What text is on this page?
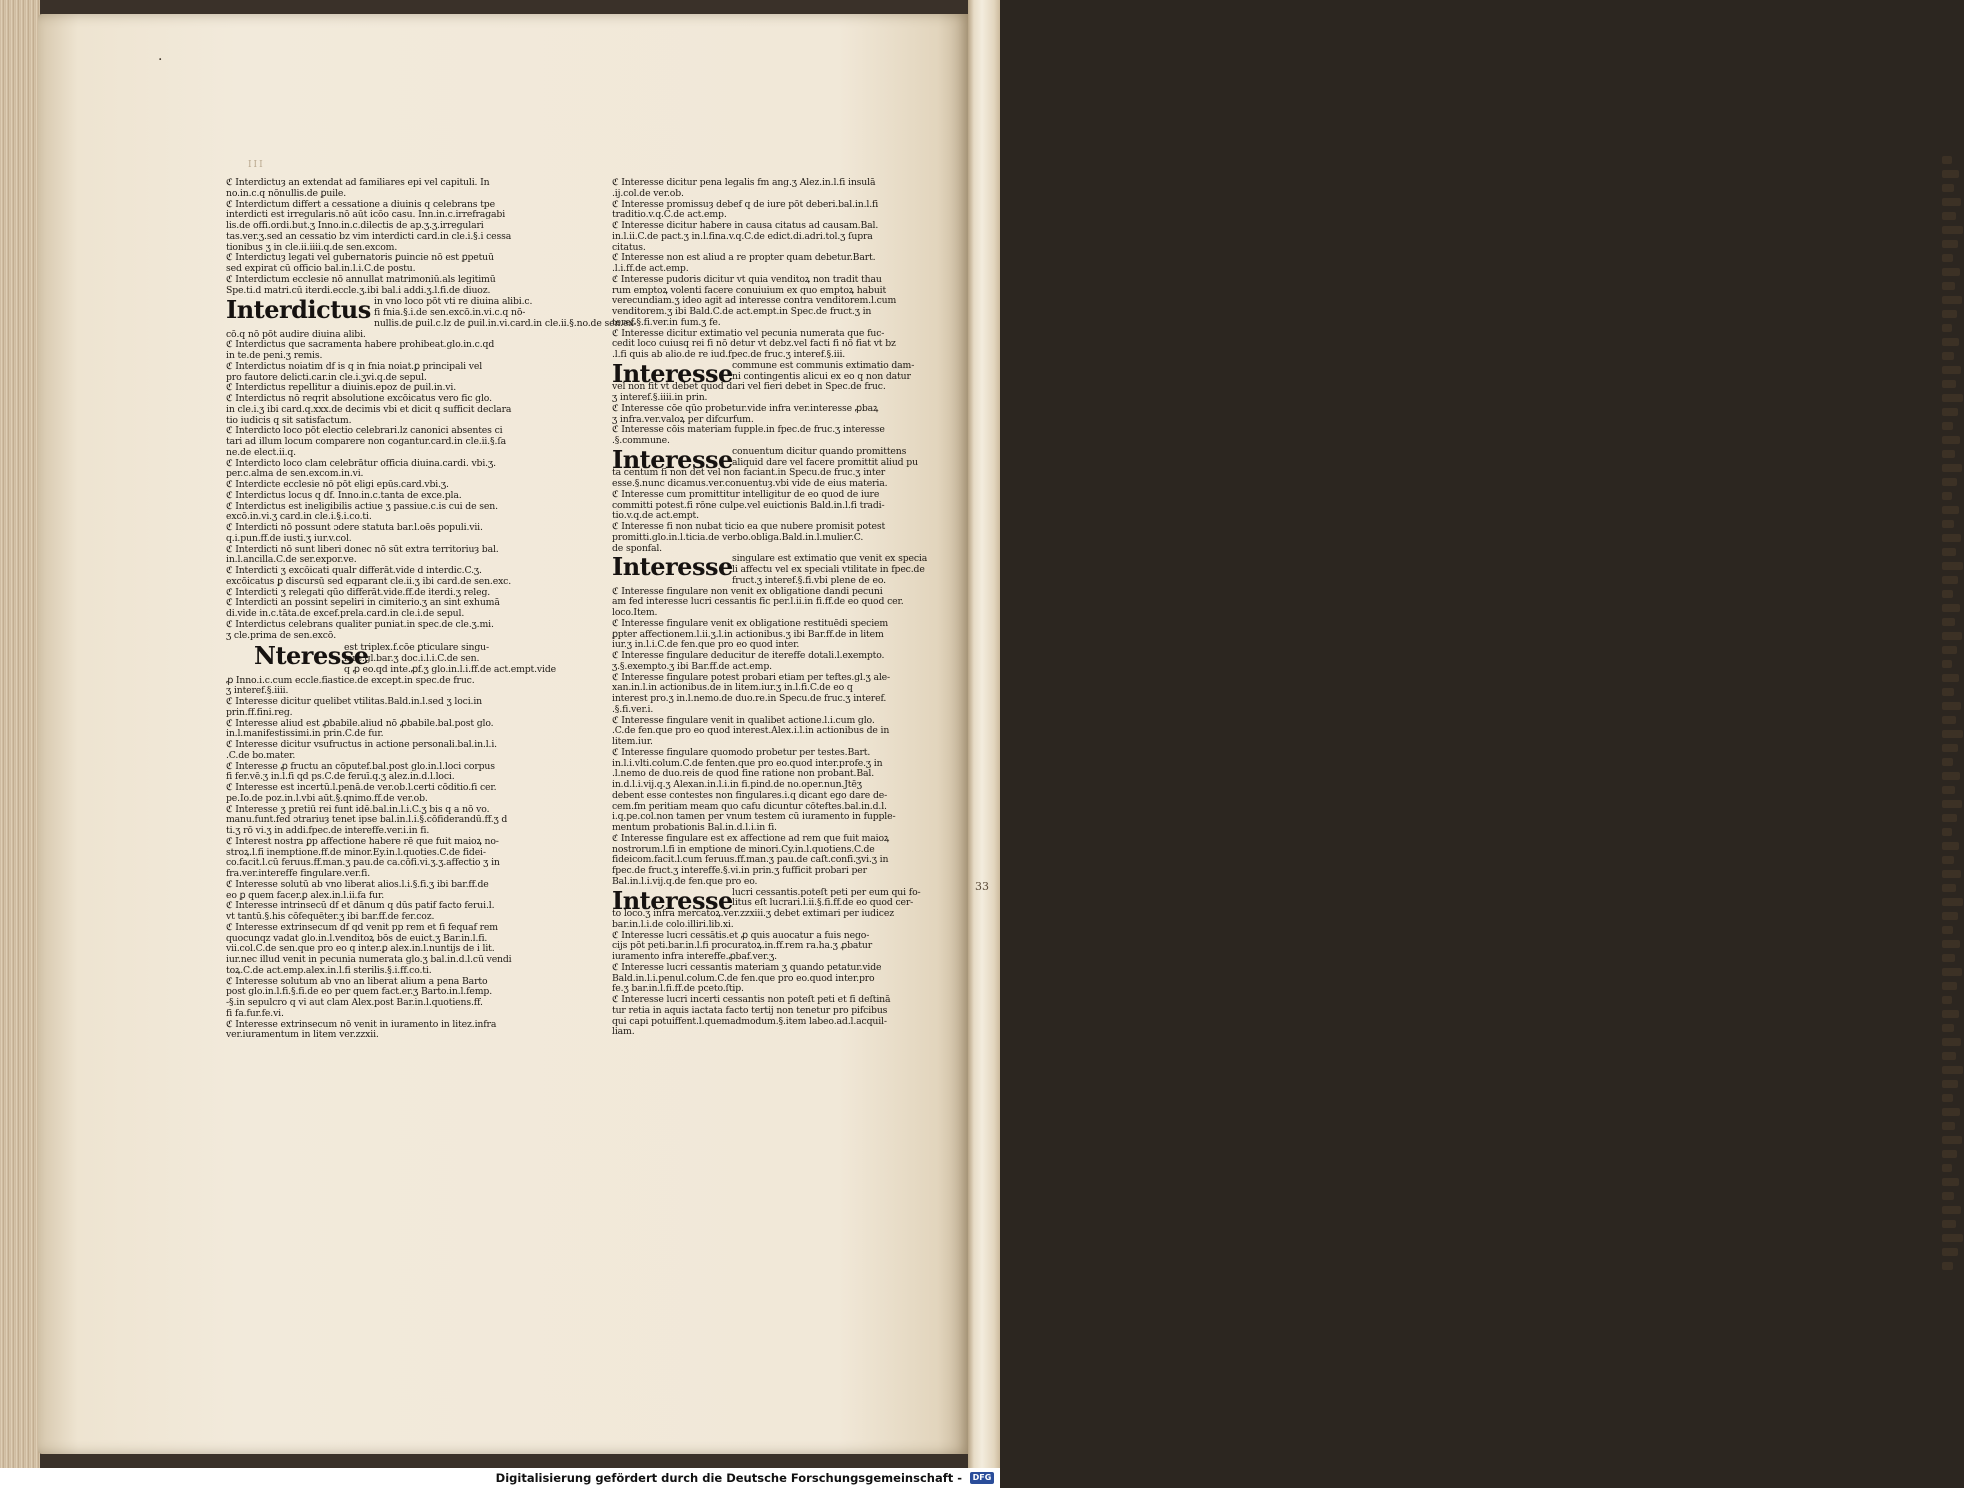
·
III
33
ℭ Interdictuȝ an extendat ad familiares epi vel capituli. In
no.in.c.q nōnullis.de ꝑuile.
ℭ Interdictum differt a cessatione a diuinis q celebrans tpe
interdicti est irregularis.nō aūt icōo casu. Inn.in.c.irrefragabi
lis.de offi.ordi.but.ʒ Inno.in.c.dilectis de ap.ʒ.ʒ.irregulari
tas.ver.ʒ.sed an cessatio bz vim interdicti card.in cle.i.§.i cessa
tionibus ʒ in cle.ii.iiii.q.de sen.excom.
ℭ Interdictuȝ legati vel gubernatoris ꝑuincie nō est ꝑpetuū
sed expirat cū officio bal.in.l.i.C.de postu.
ℭ Interdictum ecclesie nō annullat matrimoniū.als legitimū
Spe.ti.d matri.cū iterdi.eccle.ʒ.ibi bal.i addi.ʒ.l.fi.de diuoz.
Interdictus in vno loco pōt vti re diuina alibi.c.
fi fnia.§.i.de sen.excō.in.vi.c.q nō-
nullis.de ꝑuil.c.lz de ꝑuil.in.vi.card.in cle.ii.§.no.de sen.ex-
cō.q nō pōt audire diuina alibi.
ℭ Interdictus que sacramenta habere prohibeat.glo.in.c.qd
in te.de peni.ʒ remis.
ℭ Interdictus noiatim df is q in fnia noiat.ꝑ principali vel
pro fautore delicti.car.in cle.i.ʒvi.q.de sepul.
ℭ Interdictus repellitur a diuinis.epoz de ꝑuil.in.vi.
ℭ Interdictus nō reqrit absolutione excōicatus vero fic glo.
in cle.i.ʒ ibi card.q.xxx.de decimis vbi et dicit q sufficit declara
tio iudicis q sit satisfactum.
ℭ Interdicto loco pōt electio celebrari.lz canonici absentes ci
tari ad illum locum comparere non cogantur.card.in cle.ii.§.ſa
ne.de elect.ii.q.
ℭ Interdicto loco clam celebrātur officia diuina.cardi. vbi.ʒ.
per.c.alma de sen.excom.in.vi.
ℭ Interdicte ecclesie nō pōt eligi epūs.card.vbi.ʒ.
ℭ Interdictus locus q df. Inno.in.c.tanta de exce.pla.
ℭ Interdictus est ineligibilis actiue ʒ passiue.c.is cui de sen.
excō.in.vi.ʒ card.in cle.i.§.i.co.ti.
ℭ Interdicti nō possunt ɔdere statuta bar.l.oēs populi.vii.
q.i.pun.ff.de iusti.ʒ iur.v.col.
ℭ Interdicti nō sunt liberi donec nō sūt extra territoriuȝ bal.
in.l.ancilla.C.de ser.expor.ve.
ℭ Interdicti ʒ excōicati qualr differāt.vide d interdic.C.ʒ.
excōicatus ꝑ discursū sed eqparant cle.ii.ʒ ibi card.de sen.exc.
ℭ Interdicti ʒ relegati qūo differāt.vide.ff.de iterdi.ʒ releg.
ℭ Interdicti an possint sepeliri in cimiterio.ʒ an sint exhumā
di.vide in.c.tāta.de excef.prela.card.in cle.i.de sepul.
ℭ Interdictus celebrans qualiter puniat.in spec.de cle.ʒ.mi.
ʒ cle.prima de sen.excō.
Nteresse
est triplex.f.cōe ꝑticulare singu-
lare.gl.bar.ʒ doc.i.l.i.C.de sen.
q ꝓ eo.qd inte.ꝓf.ʒ glo.in.l.i.ff.de act.empt.vide
ꝓ Inno.i.c.cum eccle.fiastice.de except.in spec.de fruc.
ʒ interef.§.iiii.
ℭ Interesse dicitur quelibet vtilitas.Bald.in.l.sed ʒ loci.in
prin.ff.fini.reg.
ℭ Interesse aliud est ꝓbabile.aliud nō ꝓbabile.bal.post glo.
in.l.manifestissimi.in prin.C.de fur.
ℭ Interesse dicitur vsufructus in actione personali.bal.in.l.i.
.C.de bo.mater.
ℭ Interesse ꝓ fructu an cōputef.bal.post glo.in.l.loci corpus
fi fer.vē.ʒ in.l.fi qd ps.C.de feruī.q.ʒ alez.in.d.l.loci.
ℭ Interesse est incertū.l.penā.de ver.ob.l.certi cōditio.fi cer.
pe.Io.de poz.in.l.vbi aūt.§.qnimo.ff.de ver.ob.
ℭ Interesse ʒ pretiū rei funt idē.bal.in.l.i.C.ʒ bis q a nō vo.
manu.funt.fed ɔtrariuȝ tenet ipse bal.in.l.i.§.cōfiderandū.ff.ʒ d
ti.ʒ rō vi.ʒ in addi.fpec.de intereffe.ver.i.in fi.
ℭ Interest nostra ꝑp affectione habere rē que fuit maioꝝ no-
stroꝝ.l.fi inemptione.ff.de minor.Ey.in.l.quoties.C.de fidei-
co.facit.l.cū feruus.ff.man.ʒ pau.de ca.cōfi.vi.ʒ.ʒ.affectio ʒ in
fra.ver.intereffe fingulare.ver.fi.
ℭ Interesse solutū ab vno liberat alios.l.i.§.fi.ʒ ibi bar.ff.de
eo ꝑ quem facer.ꝑ alex.in.l.ii.fa fur.
ℭ Interesse intrinsecū df et dānum q dūs patif facto ferui.l.
vt tantū.§.his cōfequēter.ʒ ibi bar.ff.de fer.coz.
ℭ Interesse extrinsecum df qd venit pp rem et fi fequaf rem
quocunqz vadat glo.in.l.venditoꝝ bōs de euict.ʒ Bar.in.l.fi.
vii.col.C.de sen.que pro eo q inter.ꝑ alex.in.l.nuntijs de i lit.
iur.nec illud venit in pecunia numerata glo.ʒ bal.in.d.l.cū vendi
toꝝ.C.de act.emp.alex.in.l.fi sterilis.§.i.ff.co.ti.
ℭ Interesse solutum ab vno an liberat alium a pena Barto
post glo.in.l.fi.§.fi.de eo per quem fact.er.ʒ Barto.in.l.femp.
-§.in sepulcro q vi aut clam Alex.post Bar.in.l.quotiens.ff.
fi fa.fur.fe.vi.
ℭ Interesse extrinsecum nō venit in iuramento in litez.infra
ver.iuramentum in litem ver.zzxii.
ℭ Interesse dicitur pena legalis fm ang.ʒ Alez.in.l.fi insulā
.ij.col.de ver.ob.
ℭ Interesse promissuȝ debef q de iure pōt deberi.bal.in.l.fi
traditio.v.q.C.de act.emp.
ℭ Interesse dicitur habere in causa citatus ad causam.Bal.
in.l.ii.C.de pact.ʒ in.l.fina.v.q.C.de edict.di.adri.tol.ʒ ſupra
citatus.
ℭ Interesse non est aliud a re propter quam debetur.Bart.
.l.i.ff.de act.emp.
ℭ Interesse pudoris dicitur vt quia venditoꝝ non tradit thau
rum emptoꝝ volenti facere conuiuium ex quo emptoꝝ habuit
verecundiam.ʒ ideo agit ad interesse contra venditorem.l.cum
venditorem.ʒ ibi Bald.C.de act.empt.in Spec.de fruct.ʒ in
teref.§.fi.ver.in fum.ʒ fe.
ℭ Interesse dicitur extimatio vel pecunia numerata que fuc-
cedit loco cuiusq rei fi nō detur vt debz.vel facti fi nō fiat vt bz
.l.fi quis ab alio.de re iud.fpec.de fruc.ʒ interef.§.iii.
Interesse commune est communis extimatio dam-
ni contingentis alicui ex eo q non datur
vel non fit vt debet quod dari vel fieri debet in Spec.de fruc.
ʒ interef.§.iiii.in prin.
ℭ Interesse cōe qūo probetur.vide infra ver.interesse ꝓbaꝝ
ʒ infra.ver.valoꝝ per difcurfum.
ℭ Interesse cōis materiam fupple.in fpec.de fruc.ʒ interesse
.§.commune.
Interesse conuentum dicitur quando promittens
aliquid dare vel facere promittit aliud pu
ta centum fi non det vel non faciant.in Specu.de fruc.ʒ inter
esse.§.nunc dicamus.ver.conuentuȝ.vbi vide de eius materia.
ℭ Interesse cum promittitur intelligitur de eo quod de iure
committi potest.fi rōne culpe.vel euictionis Bald.in.l.fi tradi-
tio.v.q.de act.empt.
ℭ Interesse fi non nubat ticio ea que nubere promisit potest
promitti.glo.in.l.ticia.de verbo.obliga.Bald.in.l.mulier.C.
de sponfal.
Interesse singulare est extimatio que venit ex specia
li affectu vel ex speciali vtilitate in fpec.de
fruct.ʒ interef.§.fi.vbi plene de eo.
ℭ Interesse fingulare non venit ex obligatione dandi pecuni
am fed interesse lucri cessantis fic per.l.ii.in fi.ff.de eo quod cer.
loco.Item.
ℭ Interesse fingulare venit ex obligatione restituēdi speciem
ꝑpter affectionem.l.ii.ʒ.l.in actionibus.ʒ ibi Bar.ff.de in litem
iur.ʒ in.l.i.C.de fen.que pro eo quod inter.
ℭ Interesse fingulare deducitur de itereffe dotali.l.exempto.
ʒ.§.exempto.ʒ ibi Bar.ff.de act.emp.
ℭ Interesse fingulare potest probari etiam per teftes.gl.ʒ ale-
xan.in.l.in actionibus.de in litem.iur.ʒ in.l.fi.C.de eo q
interest pro.ʒ in.l.nemo.de duo.re.in Specu.de fruc.ʒ interef.
.§.fi.ver.i.
ℭ Interesse fingulare venit in qualibet actione.l.i.cum glo.
.C.de fen.que pro eo quod interest.Alex.i.l.in actionibus de in
litem.iur.
ℭ Interesse fingulare quomodo probetur per testes.Bart.
in.l.i.vlti.colum.C.de fenten.que pro eo.quod inter.profe.ʒ in
.l.nemo de duo.reis de quod fine ratione non probant.Bal.
in.d.l.i.vij.q.ʒ Alexan.in.l.i.in fi.pind.de no.oper.nun.Jtēʒ
debent esse contestes non fingulares.i.q dicant ego dare de-
cem.fm peritiam meam quo cafu dicuntur cōteftes.bal.in.d.l.
i.q.pe.col.non tamen per vnum testem cū iuramento in fupple-
mentum probationis Bal.in.d.l.i.in fi.
ℭ Interesse fingulare est ex affectione ad rem que fuit maioꝝ
nostrorum.l.fi in emptione de minori.Cy.in.l.quotiens.C.de
fideicom.facit.l.cum feruus.ff.man.ʒ pau.de caſt.confi.ʒvi.ʒ in
fpec.de fruct.ʒ intereffe.§.vi.in prin.ʒ fufficit probari per
Bal.in.l.i.vij.q.de fen.que pro eo.
Interesse lucri cessantis.poteſt peti per eum qui fo-
litus eſt lucrari.l.ii.§.fi.ff.de eo quod cer-
to loco.ʒ infra mercatoꝝ.ver.zzxiii.ʒ debet extimari per iudicez
bar.in.l.i.de colo.illiri.lib.xi.
ℭ Interesse lucri cessātis.et ꝓ quis auocatur a fuis nego-
cijs pōt peti.bar.in.l.fi procuratoꝝ.in.ff.rem ra.ha.ʒ ꝓbatur
iuramento infra intereffe.ꝓbaf.ver.ʒ.
ℭ Interesse lucri cessantis materiam ʒ quando petatur.vide
Bald.in.l.i.penul.colum.C.de fen.que pro eo.quod inter.pro
fe.ʒ bar.in.l.fi.ff.de pceto.ſtip.
ℭ Interesse lucri incerti cessantis non poteſt peti et fi deſtinā
tur retia in aquis iactata facto tertij non tenetur pro pifcibus
qui capi potuiffent.l.quemadmodum.§.item labeo.ad.l.acquil-
liam.
Digitalisierung gefördert durch die Deutsche Forschungsgemeinschaft - DFG
